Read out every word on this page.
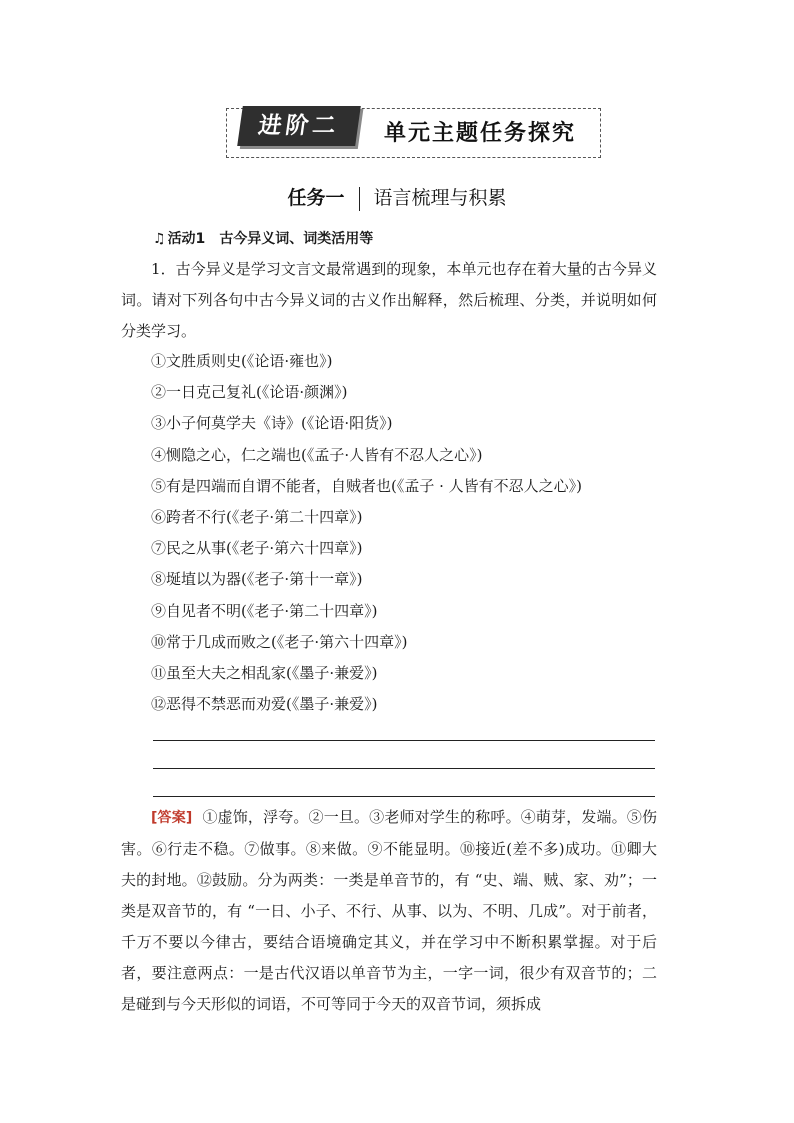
进阶二	单元主题任务探究
任务一 语言梳理与积累
♫ 活动1 古今异义词、词类活用等

1．古今异义是学习文言文最常遇到的现象，本单元也存在着大量的古今异义词。请对下列各句中古今异义词的古义作出解释，然后梳理、分类，并说明如何分类学习。

①文胜质则史(《论语·雍也》)
②一日克己复礼(《论语·颜渊》)
③小子何莫学夫《诗》(《论语·阳货》)
④恻隐之心，仁之端也(《孟子·人皆有不忍人之心》)
⑤有是四端而自谓不能者，自贼者也(《孟子 · 人皆有不忍人之心》)
⑥跨者不行(《老子·第二十四章》)
⑦民之从事(《老子·第六十四章》)
⑧埏埴以为器(《老子·第十一章》)
⑨自见者不明(《老子·第二十四章》)
⑩常于几成而败之(《老子·第六十四章》)
⑪虽至大夫之相乱家(《墨子·兼爱》)
⑫恶得不禁恶而劝爱(《墨子·兼爱》)

[答案] ①虚饰，浮夸。②一旦。③老师对学生的称呼。④萌芽，发端。⑤伤害。⑥行走不稳。⑦做事。⑧来做。⑨不能显明。⑩接近(差不多)成功。⑪卿大夫的封地。⑫鼓励。分为两类：一类是单音节的，有 “史、端、贼、家、劝”；一类是双音节的，有 “一日、小子、不行、从事、以为、不明、几成”。对于前者，千万不要以今律古，要结合语境确定其义，并在学习中不断积累掌握。对于后者，要注意两点：一是古代汉语以单音节为主，一字一词，很少有双音节的；二是碰到与今天形似的词语，不可等同于今天的双音节词，须拆成
